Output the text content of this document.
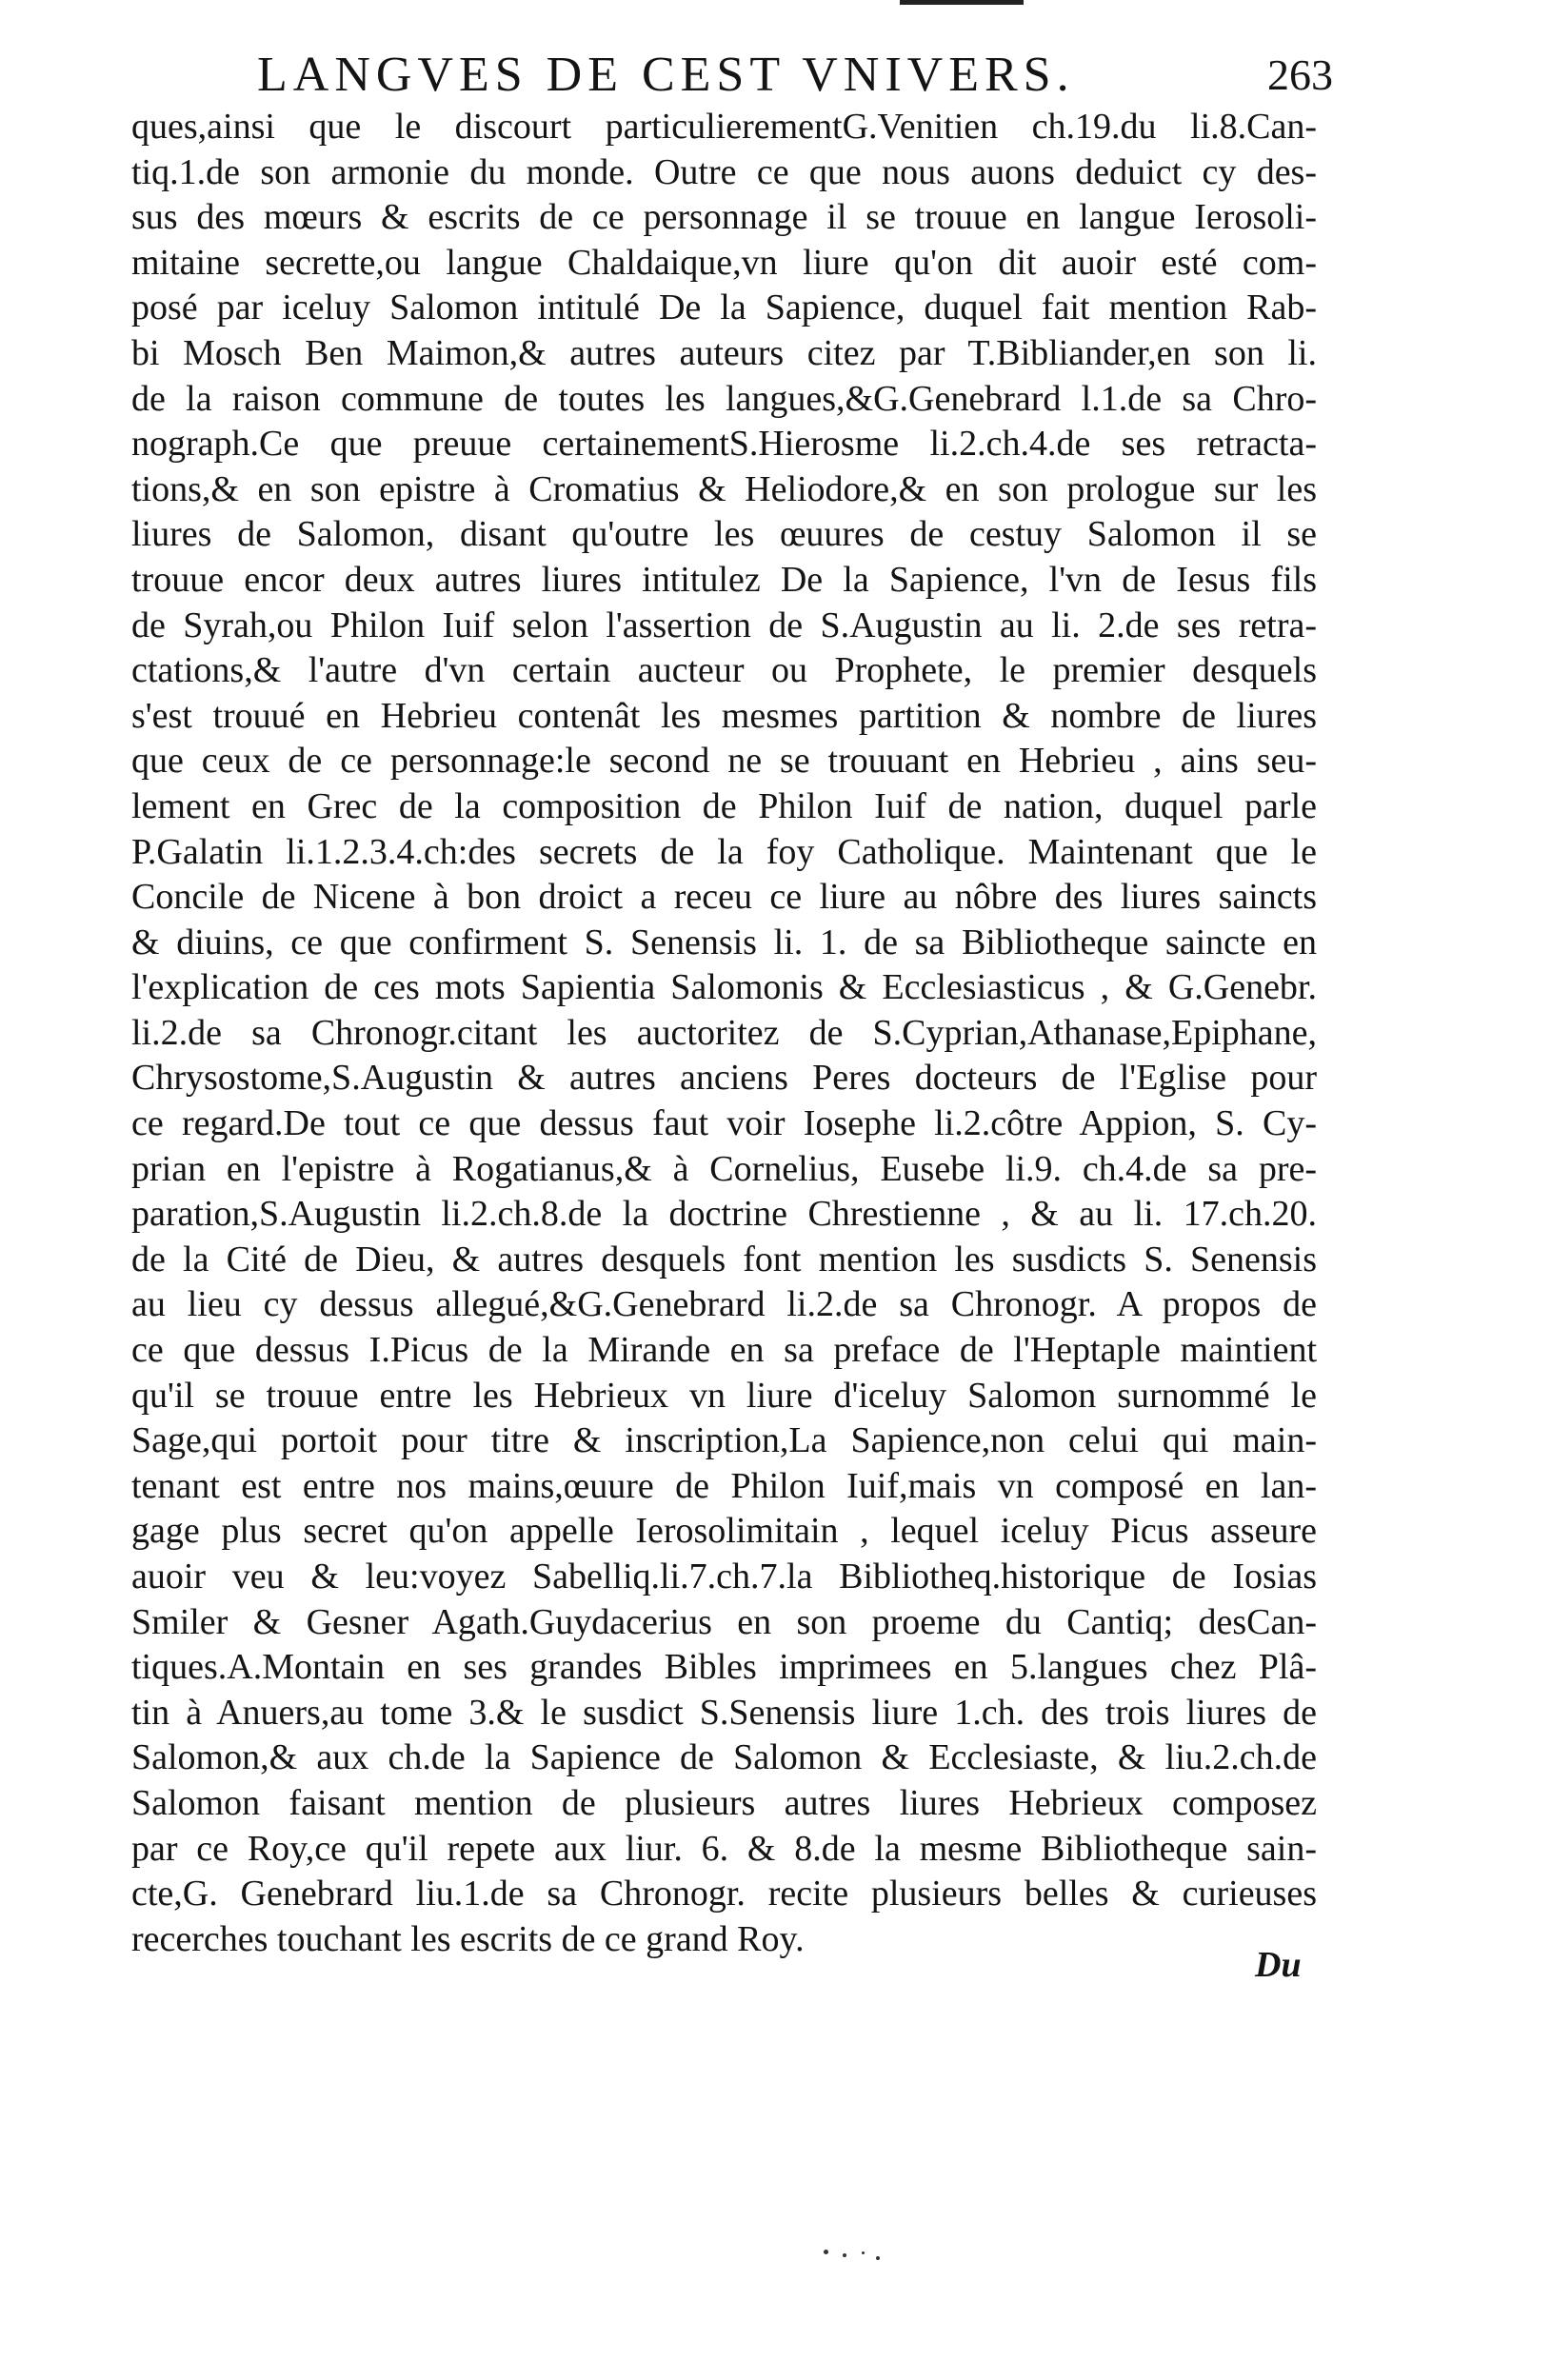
LANGVES DE CEST VNIVERS.	263
ques,ainsi que le discourt particulierementG.Venitien ch.19.du li.8.Can-
tiq.1.de son armonie du monde. Outre ce que nous auons deduict cy des-
sus des mœurs & escrits de ce personnage il se trouue en langue Ierosoli-
mitaine secrette,ou langue Chaldaique,vn liure qu'on dit auoir esté com-
posé par iceluy Salomon intitulé De la Sapience, duquel fait mention Rab-
bi Mosch Ben Maimon,& autres auteurs citez par T.Bibliander,en son li.
de la raison commune de toutes les langues,&G.Genebrard l.1.de sa Chro-
nograph.Ce que preuue certainementS.Hierosme li.2.ch.4.de ses retracta-
tions,& en son epistre à Cromatius & Heliodore,& en son prologue sur les
liures de Salomon, disant qu'outre les œuures de cestuy Salomon il se
trouue encor deux autres liures intitulez De la Sapience, l'vn de Iesus fils
de Syrah,ou Philon Iuif selon l'assertion de S.Augustin au li. 2.de ses retra-
ctations,& l'autre d'vn certain aucteur ou Prophete, le premier desquels
s'est trouué en Hebrieu contenât les mesmes partition & nombre de liures
que ceux de ce personnage:le second ne se trouuant en Hebrieu , ains seu-
lement en Grec de la composition de Philon Iuif de nation, duquel parle
P.Galatin li.1.2.3.4.ch:des secrets de la foy Catholique. Maintenant que le
Concile de Nicene à bon droict a receu ce liure au nôbre des liures saincts
& diuins, ce que confirment S. Senensis li. 1. de sa Bibliotheque saincte en
l'explication de ces mots Sapientia Salomonis & Ecclesiasticus , & G.Genebr.
li.2.de sa Chronogr.citant les auctoritez de S.Cyprian,Athanase,Epiphane,
Chrysostome,S.Augustin & autres anciens Peres docteurs de l'Eglise pour
ce regard.De tout ce que dessus faut voir Iosephe li.2.côtre Appion, S. Cy-
prian en l'epistre à Rogatianus,& à Cornelius, Eusebe li.9. ch.4.de sa pre-
paration,S.Augustin li.2.ch.8.de la doctrine Chrestienne , & au li. 17.ch.20.
de la Cité de Dieu, & autres desquels font mention les susdicts S. Senensis
au lieu cy dessus allegué,&G.Genebrard li.2.de sa Chronogr. A propos de
ce que dessus I.Picus de la Mirande en sa preface de l'Heptaple maintient
qu'il se trouue entre les Hebrieux vn liure d'iceluy Salomon surnommé le
Sage,qui portoit pour titre & inscription,La Sapience,non celui qui main-
tenant est entre nos mains,œuure de Philon Iuif,mais vn composé en lan-
gage plus secret qu'on appelle Ierosolimitain , lequel iceluy Picus asseure
auoir veu & leu:voyez Sabelliq.li.7.ch.7.la Bibliotheq.historique de Iosias
Smiler & Gesner Agath.Guydacerius en son proeme du Cantiq; desCan-
tiques.A.Montain en ses grandes Bibles imprimees en 5.langues chez Plâ-
tin à Anuers,au tome 3.& le susdict S.Senensis liure 1.ch. des trois liures de
Salomon,& aux ch.de la Sapience de Salomon & Ecclesiaste, & liu.2.ch.de
Salomon faisant mention de plusieurs autres liures Hebrieux composez
par ce Roy,ce qu'il repete aux liur. 6. & 8.de la mesme Bibliotheque sain-
cte,G. Genebrard liu.1.de sa Chronogr. recite plusieurs belles & curieuses
recerches touchant les escrits de ce grand Roy.
Du
